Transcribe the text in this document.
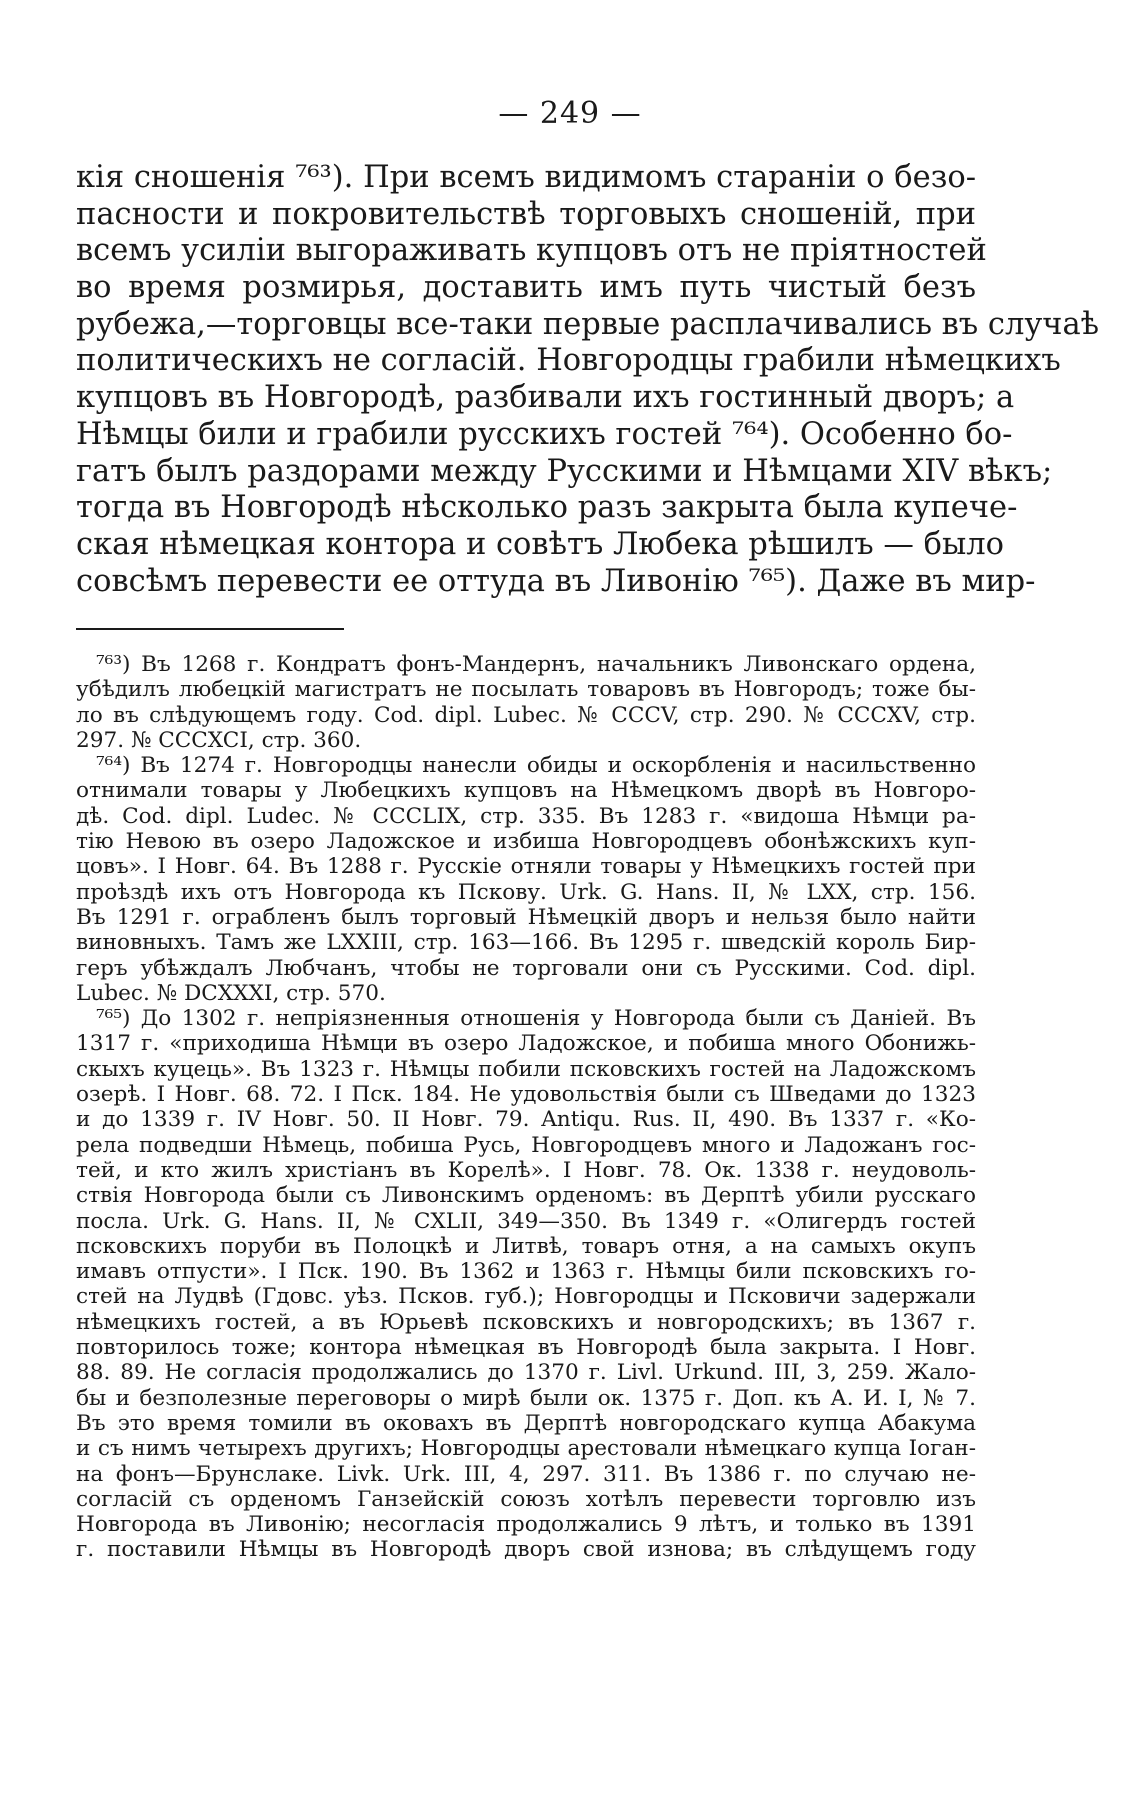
— 249 —
кія сношенія ⁷⁶³). При всемъ видимомъ стараніи о безо-
пасности и покровительствѣ торговыхъ сношеній, при
всемъ усиліи выгораживать купцовъ отъ не пріятностей
во время розмирья, доставить имъ путь чистый безъ
рубежа,—торговцы все-таки первые расплачивались въ случаѣ
политическихъ не согласій. Новгородцы грабили нѣмецкихъ
купцовъ въ Новгородѣ, разбивали ихъ гостинный дворъ; а
Нѣмцы били и грабили русскихъ гостей ⁷⁶⁴). Особенно бо-
гатъ былъ раздорами между Русскими и Нѣмцами XIV вѣкъ;
тогда въ Новгородѣ нѣсколько разъ закрыта была купече-
ская нѣмецкая контора и совѣтъ Любека рѣшилъ — было
совсѣмъ перевести ее оттуда въ Ливонію ⁷⁶⁵). Даже въ мир-
⁷⁶³) Въ 1268 г. Кондратъ фонъ-Мандернъ, начальникъ Ливонскаго ордена,
убѣдилъ любецкій магистратъ не посылать товаровъ въ Новгородъ; тоже бы-
ло въ слѣдующемъ году. Cod. dipl. Lubec. № CCCV, стр. 290. № CCCXV, стр.
297. № CCCXCI, стр. 360.
⁷⁶⁴) Въ 1274 г. Новгородцы нанесли обиды и оскорбленія и насильственно
отнимали товары у Любецкихъ купцовъ на Нѣмецкомъ дворѣ въ Новгоро-
дѣ. Cod. dipl. Ludec. № CCCLIX, стр. 335. Въ 1283 г. «видоша Нѣмци ра-
тію Невою въ озеро Ладожское и избиша Новгородцевъ обонѣжскихъ куп-
цовъ». I Новг. 64. Въ 1288 г. Русскіе отняли товары у Нѣмецкихъ гостей при
проѣздѣ ихъ отъ Новгорода къ Пскову. Urk. G. Hans. II, № LXX, стр. 156.
Въ 1291 г. ограбленъ былъ торговый Нѣмецкій дворъ и нельзя было найти
виновныхъ. Тамъ же LXXIII, стр. 163—166. Въ 1295 г. шведскій король Бир-
геръ убѣждалъ Любчанъ, чтобы не торговали они съ Русскими. Cod. dipl.
Lubec. № DCXXXI, стр. 570.
⁷⁶⁵) До 1302 г. непріязненныя отношенія у Новгорода были съ Даніей. Въ
1317 г. «приходиша Нѣмци въ озеро Ладожское, и побиша много Обонижь-
скыхъ куцець». Въ 1323 г. Нѣмцы побили псковскихъ гостей на Ладожскомъ
озерѣ. I Новг. 68. 72. I Пск. 184. Не удовольствія были съ Шведами до 1323
и до 1339 г. IV Новг. 50. II Новг. 79. Antiqu. Rus. II, 490. Въ 1337 г. «Ко-
рела подведши Нѣмець, побиша Русь, Новгородцевъ много и Ладожанъ гос-
тей, и кто жилъ христіанъ въ Корелѣ». I Новг. 78. Ок. 1338 г. неудоволь-
ствія Новгорода были съ Ливонскимъ орденомъ: въ Дерптѣ убили русскаго
посла. Urk. G. Hans. II, № CXLII, 349—350. Въ 1349 г. «Олигердъ гостей
псковскихъ поруби въ Полоцкѣ и Литвѣ, товаръ отня, а на самыхъ окупъ
имавъ отпусти». I Пск. 190. Въ 1362 и 1363 г. Нѣмцы били псковскихъ го-
стей на Лудвѣ (Гдовс. уѣз. Псков. губ.); Новгородцы и Псковичи задержали
нѣмецкихъ гостей, а въ Юрьевѣ псковскихъ и новгородскихъ; въ 1367 г.
повторилось тоже; контора нѣмецкая въ Новгородѣ была закрыта. I Новг.
88. 89. Не согласія продолжались до 1370 г. Livl. Urkund. III, 3, 259. Жало-
бы и безполезные переговоры о мирѣ были ок. 1375 г. Доп. къ А. И. I, № 7.
Въ это время томили въ оковахъ въ Дерптѣ новгородскаго купца Абакума
и съ нимъ четырехъ другихъ; Новгородцы арестовали нѣмецкаго купца Іоган-
на фонъ—Брунслаке. Livk. Urk. III, 4, 297. 311. Въ 1386 г. по случаю не-
согласій съ орденомъ Ганзейскій союзъ хотѣлъ перевести торговлю изъ
Новгорода въ Ливонію; несогласія продолжались 9 лѣтъ, и только въ 1391
г. поставили Нѣмцы въ Новгородѣ дворъ свой изнова; въ слѣдущемъ году
